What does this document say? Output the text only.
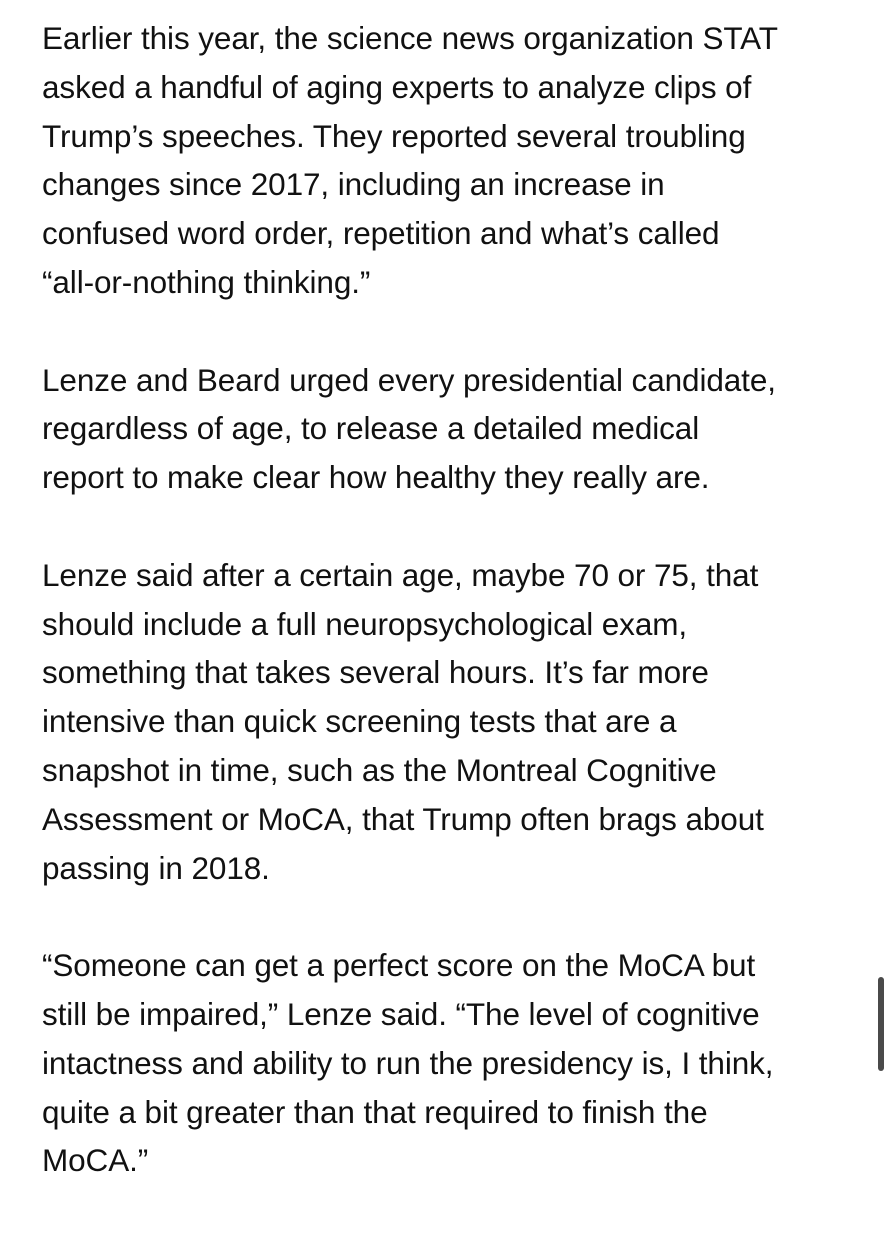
Earlier this year, the science news organization STAT
asked a handful of aging experts to analyze clips of
Trump’s speeches. They reported several troubling
changes since 2017, including an increase in
confused word order, repetition and what’s called
“all-or-nothing thinking.”

Lenze and Beard urged every presidential candidate,
regardless of age, to release a detailed medical
report to make clear how healthy they really are.

Lenze said after a certain age, maybe 70 or 75, that
should include a full neuropsychological exam,
something that takes several hours. It’s far more
intensive than quick screening tests that are a
snapshot in time, such as the Montreal Cognitive
Assessment or MoCA, that Trump often brags about
passing in 2018.

“Someone can get a perfect score on the MoCA but
still be impaired,” Lenze said. “The level of cognitive
intactness and ability to run the presidency is, I think,
quite a bit greater than that required to finish the
MoCA.”
